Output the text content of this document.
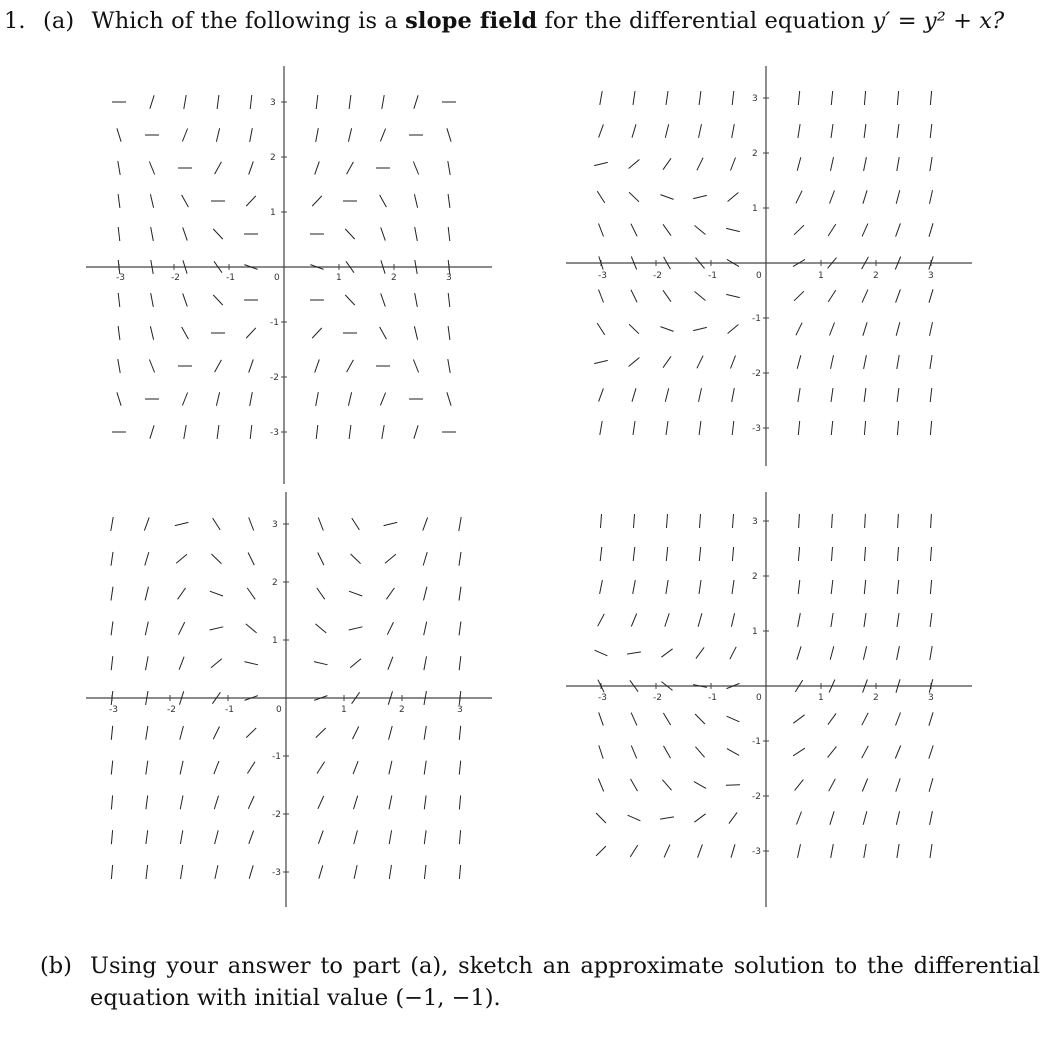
1. (a) Which of the following is a slope field for the differential equation y′ = y² + x?
-3	-2	-1	0	1	2	3
3
2
1
-1
-2
-3
-3	-2	-1	0	1	2	3
3
2
1
-1
-2
-3
-3	-2	-1	0	1	2	3
3
2
1
-1
-2
-3
-3	-2	-1	0	1	2	3
3
2
1
-1
-2
-3
(b) Using your answer to part (a), sketch an approximate solution to the differential equation with initial value (−1, −1).
